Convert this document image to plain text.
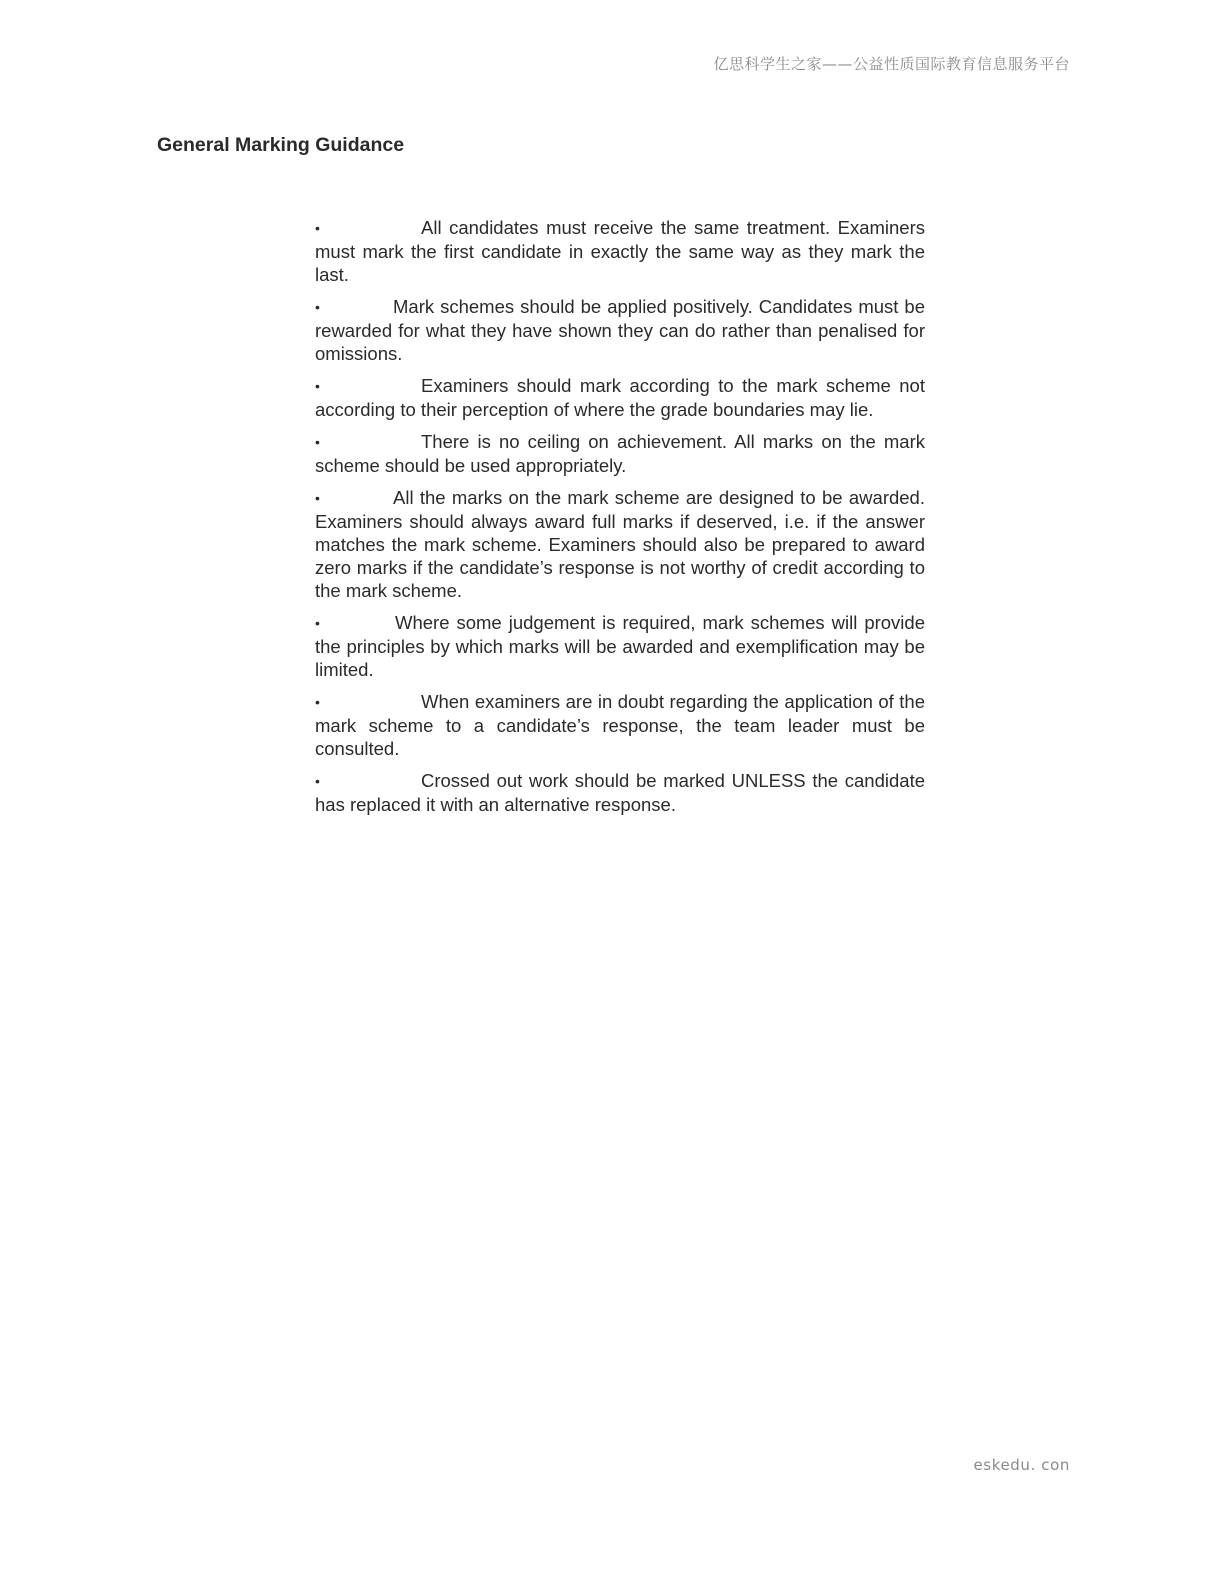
亿思科学生之家——公益性质国际教育信息服务平台
General Marking Guidance
•	All candidates must receive the same treatment. Examiners must mark the first candidate in exactly the same way as they mark the last.
•	Mark schemes should be applied positively. Candidates must be rewarded for what they have shown they can do rather than penalised for omissions.
•	Examiners should mark according to the mark scheme not according to their perception of where the grade boundaries may lie.
•	There is no ceiling on achievement. All marks on the mark scheme should be used appropriately.
•	All the marks on the mark scheme are designed to be awarded. Examiners should always award full marks if deserved, i.e. if the answer matches the mark scheme. Examiners should also be prepared to award zero marks if the candidate’s response is not worthy of credit according to the mark scheme.
•	Where some judgement is required, mark schemes will provide the principles by which marks will be awarded and exemplification may be limited.
•	When examiners are in doubt regarding the application of the mark scheme to a candidate’s response, the team leader must be consulted.
•	Crossed out work should be marked UNLESS the candidate has replaced it with an alternative response.
eskedu. con
